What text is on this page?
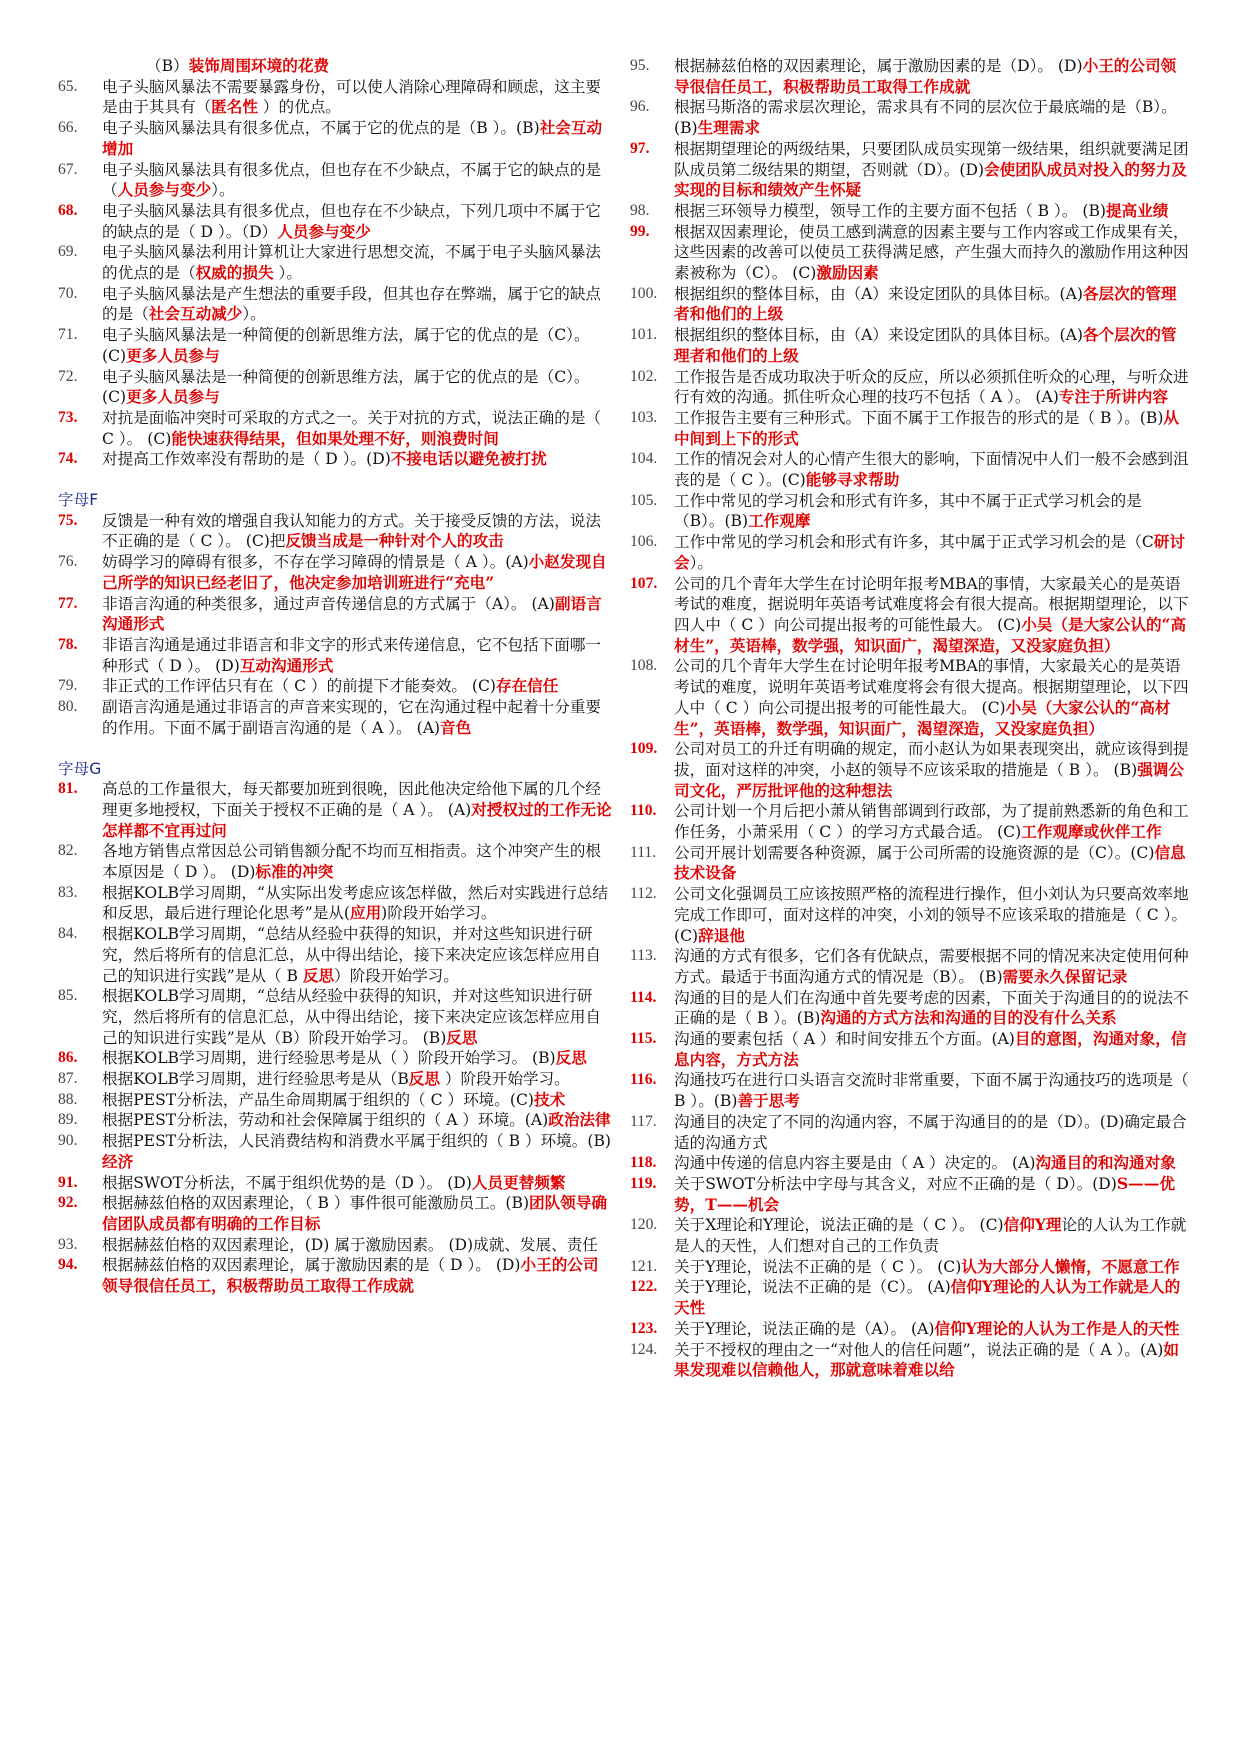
（B）装饰周围环境的花费
65.	电子头脑风暴法不需要暴露身份，可以使人消除心理障碍和顾虑，这主要是由于其具有（匿名性 ）的优点。
66.	电子头脑风暴法具有很多优点，不属于它的优点的是（B ）。(B)社会互动增加
67.	电子头脑风暴法具有很多优点，但也存在不少缺点，不属于它的缺点的是（人员参与变少）。
68.	电子头脑风暴法具有很多优点，但也存在不少缺点，下列几项中不属于它的缺点的是（ D ）。（D）人员参与变少
69.	电子头脑风暴法利用计算机让大家进行思想交流，不属于电子头脑风暴法的优点的是（权威的损失 ）。
70.	电子头脑风暴法是产生想法的重要手段，但其也存在弊端，属于它的缺点的是（社会互动减少）。
71.	电子头脑风暴法是一种简便的创新思维方法，属于它的优点的是（C）。(C)更多人员参与
72.	电子头脑风暴法是一种简便的创新思维方法，属于它的优点的是（C）。(C)更多人员参与
73.	对抗是面临冲突时可采取的方式之一。关于对抗的方式，说法正确的是（ C ）。 (C)能快速获得结果，但如果处理不好，则浪费时间
74.	对提高工作效率没有帮助的是（ D ）。(D)不接电话以避免被打扰
字母F
75.	反馈是一种有效的增强自我认知能力的方式。关于接受反馈的方法，说法不正确的是（ C ）。 (C)把反馈当成是一种针对个人的攻击
76.	妨碍学习的障碍有很多，不存在学习障碍的情景是（ A ）。(A)小赵发现自己所学的知识已经老旧了，他决定参加培训班进行“充电”
77.	非语言沟通的种类很多，通过声音传递信息的方式属于（A）。 (A)副语言沟通形式
78.	非语言沟通是通过非语言和非文字的形式来传递信息，它不包括下面哪一种形式（ D ）。 (D)互动沟通形式
79.	非正式的工作评估只有在（ C ）的前提下才能奏效。 (C)存在信任
80.	副语言沟通是通过非语言的声音来实现的，它在沟通过程中起着十分重要的作用。下面不属于副语言沟通的是（ A ）。 (A)音色
字母G
81.	高总的工作量很大，每天都要加班到很晚，因此他决定给他下属的几个经理更多地授权，下面关于授权不正确的是（ A ）。 (A)对授权过的工作无论怎样都不宜再过问
82.	各地方销售点常因总公司销售额分配不均而互相指责。这个冲突产生的根本原因是（ D ）。 (D)标准的冲突
83.	根据KOLB学习周期，“从实际出发考虑应该怎样做，然后对实践进行总结和反思，最后进行理论化思考”是从(应用)阶段开始学习。
84.	根据KOLB学习周期，“总结从经验中获得的知识，并对这些知识进行研究，然后将所有的信息汇总，从中得出结论，接下来决定应该怎样应用自己的知识进行实践”是从（ B 反思）阶段开始学习。
85.	根据KOLB学习周期，“总结从经验中获得的知识，并对这些知识进行研究，然后将所有的信息汇总，从中得出结论，接下来决定应该怎样应用自己的知识进行实践”是从（B）阶段开始学习。 (B)反思
86.	根据KOLB学习周期，进行经验思考是从（ ）阶段开始学习。 (B)反思
87.	根据KOLB学习周期，进行经验思考是从（B反思 ）阶段开始学习。
88.	根据PEST分析法，产品生命周期属于组织的（ C ）环境。(C)技术
89.	根据PEST分析法，劳动和社会保障属于组织的（ A ）环境。(A)政治法律
90.	根据PEST分析法，人民消费结构和消费水平属于组织的（ B ）环境。(B)经济
91.	根据SWOT分析法，不属于组织优势的是（D ）。 (D)人员更替频繁
92.	根据赫兹伯格的双因素理论，（ B ）事件很可能激励员工。(B)团队领导确信团队成员都有明确的工作目标
93.	根据赫兹伯格的双因素理论，(D) 属于激励因素。 (D)成就、发展、责任
94.	根据赫兹伯格的双因素理论，属于激励因素的是（ D ）。 (D)小王的公司领导很信任员工，积极帮助员工取得工作成就
95.	根据赫兹伯格的双因素理论，属于激励因素的是（D）。 (D)小王的公司领导很信任员工，积极帮助员工取得工作成就
96.	根据马斯洛的需求层次理论，需求具有不同的层次位于最底端的是（B）。(B)生理需求
97.	根据期望理论的两级结果，只要团队成员实现第一级结果，组织就要满足团队成员第二级结果的期望，否则就（D）。(D)会使团队成员对投入的努力及实现的目标和绩效产生怀疑
98.	根据三环领导力模型，领导工作的主要方面不包括（ B ）。 (B)提高业绩
99.	根据双因素理论，使员工感到满意的因素主要与工作内容或工作成果有关，这些因素的改善可以使员工获得满足感，产生强大而持久的激励作用这种因素被称为（C）。 (C)激励因素
100.	根据组织的整体目标，由（A）来设定团队的具体目标。(A)各层次的管理者和他们的上级
101.	根据组织的整体目标，由（A）来设定团队的具体目标。(A)各个层次的管理者和他们的上级
102.	工作报告是否成功取决于听众的反应，所以必须抓住听众的心理，与听众进行有效的沟通。抓住听众心理的技巧不包括（ A ）。 (A)专注于所讲内容
103.	工作报告主要有三种形式。下面不属于工作报告的形式的是（ B ）。(B)从中间到上下的形式
104.	工作的情况会对人的心情产生很大的影响，下面情况中人们一般不会感到沮丧的是（ C ）。(C)能够寻求帮助
105.	工作中常见的学习机会和形式有许多，其中不属于正式学习机会的是（B）。(B)工作观摩
106.	工作中常见的学习机会和形式有许多，其中属于正式学习机会的是（C研讨会）。
107.	公司的几个青年大学生在讨论明年报考MBA的事情，大家最关心的是英语考试的难度，据说明年英语考试难度将会有很大提高。根据期望理论，以下四人中（ C ）向公司提出报考的可能性最大。 (C)小吴（是大家公认的“高材生”，英语棒，数学强，知识面广，渴望深造，又没家庭负担）
108.	公司的几个青年大学生在讨论明年报考MBA的事情，大家最关心的是英语考试的难度，说明年英语考试难度将会有很大提高。根据期望理论，以下四人中（ C ）向公司提出报考的可能性最大。 (C)小吴（大家公认的“高材生”，英语棒，数学强，知识面广，渴望深造，又没家庭负担）
109.	公司对员工的升迁有明确的规定，而小赵认为如果表现突出，就应该得到提拔，面对这样的冲突，小赵的领导不应该采取的措施是（ B ）。 (B)强调公司文化，严厉批评他的这种想法
110.	公司计划一个月后把小萧从销售部调到行政部，为了提前熟悉新的角色和工作任务，小萧采用（ C ）的学习方式最合适。 (C)工作观摩或伙伴工作
111.	公司开展计划需要各种资源，属于公司所需的设施资源的是（C）。(C)信息技术设备
112.	公司文化强调员工应该按照严格的流程进行操作，但小刘认为只要高效率地完成工作即可，面对这样的冲突，小刘的领导不应该采取的措施是（ C ）。 (C)辞退他
113.	沟通的方式有很多，它们各有优缺点，需要根据不同的情况来决定使用何种方式。最适于书面沟通方式的情况是（B）。 (B)需要永久保留记录
114.	沟通的目的是人们在沟通中首先要考虑的因素，下面关于沟通目的的说法不正确的是（ B ）。(B)沟通的方式方法和沟通的目的没有什么关系
115.	沟通的要素包括（ A ）和时间安排五个方面。(A)目的意图，沟通对象，信息内容，方式方法
116.	沟通技巧在进行口头语言交流时非常重要，下面不属于沟通技巧的选项是（ B ）。(B)善于思考
117.	沟通目的决定了不同的沟通内容，不属于沟通目的的是（D）。(D)确定最合适的沟通方式
118.	沟通中传递的信息内容主要是由（ A ）决定的。 (A)沟通目的和沟通对象
119.	关于SWOT分析法中字母与其含义，对应不正确的是（ D）。(D)S——优势，T——机会
120.	关于X理论和Y理论，说法正确的是（ C ）。 (C)信仰Y理论的人认为工作就是人的天性，人们想对自己的工作负责
121.	关于Y理论，说法不正确的是（ C ）。 (C)认为大部分人懒惰，不愿意工作
122.	关于Y理论，说法不正确的是（C）。 (A)信仰Y理论的人认为工作就是人的天性
123.	关于Y理论，说法正确的是（A）。 (A)信仰Y理论的人认为工作是人的天性
124.	关于不授权的理由之一“对他人的信任问题”，说法正确的是（ A ）。(A)如果发现难以信赖他人，那就意味着难以给
